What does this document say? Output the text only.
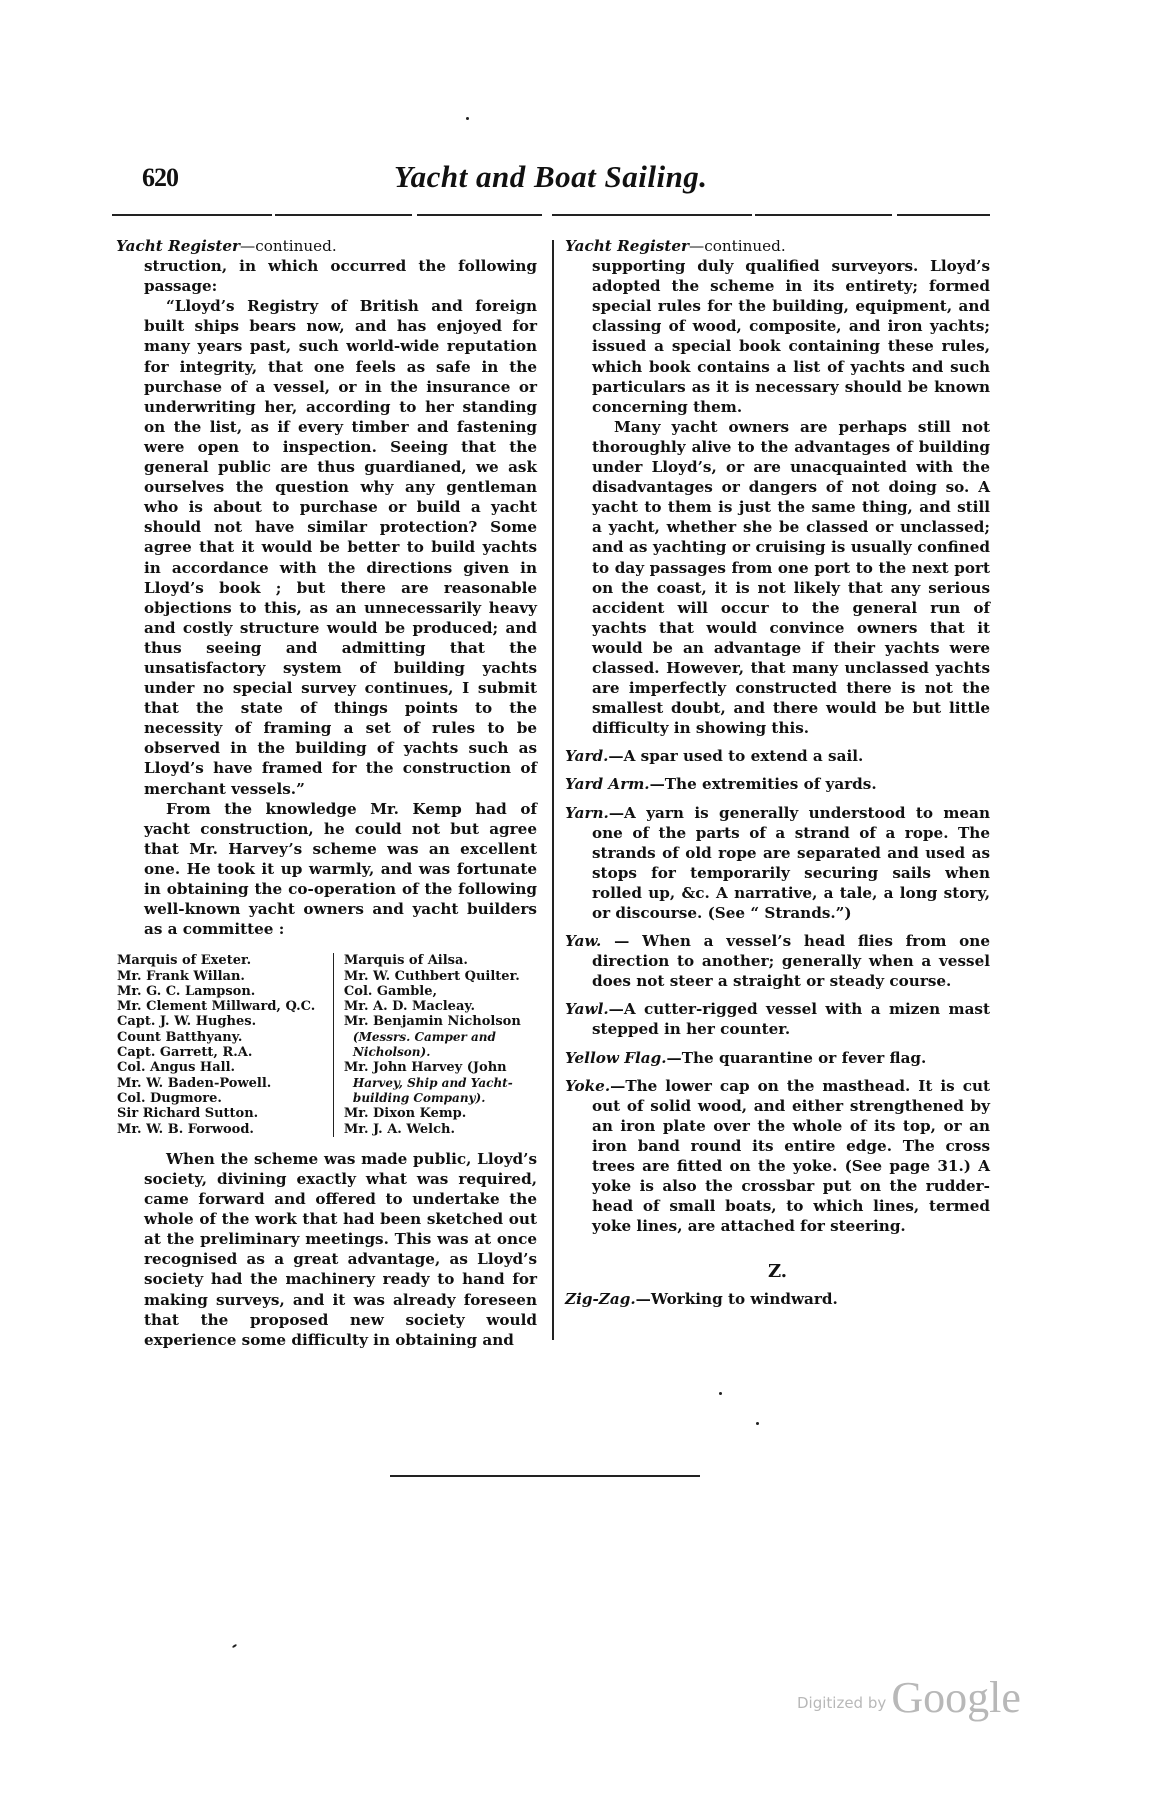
620	Yacht and Boat Sailing.

Yacht Register—continued.

struction, in which occurred the following passage:

“Lloyd’s Registry of British and foreign built ships bears now, and has enjoyed for many years past, such world-wide reputation for integrity, that one feels as safe in the purchase of a vessel, or in the insurance or underwriting her, according to her standing on the list, as if every timber and fastening were open to inspection. Seeing that the general public are thus guardianed, we ask ourselves the question why any gentleman who is about to purchase or build a yacht should not have similar protection? Some agree that it would be better to build yachts in accordance with the directions given in Lloyd’s book ; but there are reasonable objections to this, as an unnecessarily heavy and costly structure would be produced; and thus seeing and admitting that the unsatisfactory system of building yachts under no special survey continues, I submit that the state of things points to the necessity of framing a set of rules to be observed in the building of yachts such as Lloyd’s have framed for the construction of merchant vessels.”

From the knowledge Mr. Kemp had of yacht construction, he could not but agree that Mr. Harvey’s scheme was an excellent one. He took it up warmly, and was fortunate in obtaining the co-operation of the following well-known yacht owners and yacht builders as a committee :

Marquis of Exeter.
Mr. Frank Willan.
Mr. G. C. Lampson.
Mr. Clement Millward, Q.C.
Capt. J. W. Hughes.
Count Batthyany.
Capt. Garrett, R.A.
Col. Angus Hall.
Mr. W. Baden-Powell.
Col. Dugmore.
Sir Richard Sutton.
Mr. W. B. Forwood.
Marquis of Ailsa.
Mr. W. Cuthbert Quilter.
Col. Gamble,
Mr. A. D. Macleay.
Mr. Benjamin Nicholson
(Messrs. Camper and Nicholson).
Mr. John Harvey (John
Harvey, Ship and Yacht-building Company).
Mr. Dixon Kemp.
Mr. J. A. Welch.

When the scheme was made public, Lloyd’s society, divining exactly what was required, came forward and offered to undertake the whole of the work that had been sketched out at the preliminary meetings. This was at once recognised as a great advantage, as Lloyd’s society had the machinery ready to hand for making surveys, and it was already foreseen that the proposed new society would experience some difficulty in obtaining and

Yacht Register—continued.

supporting duly qualified surveyors. Lloyd’s adopted the scheme in its entirety; formed special rules for the building, equipment, and classing of wood, composite, and iron yachts; issued a special book containing these rules, which book contains a list of yachts and such particulars as it is necessary should be known concerning them.

Many yacht owners are perhaps still not thoroughly alive to the advantages of building under Lloyd’s, or are unacquainted with the disadvantages or dangers of not doing so. A yacht to them is just the same thing, and still a yacht, whether she be classed or unclassed; and as yachting or cruising is usually confined to day passages from one port to the next port on the coast, it is not likely that any serious accident will occur to the general run of yachts that would convince owners that it would be an advantage if their yachts were classed. However, that many unclassed yachts are imperfectly constructed there is not the smallest doubt, and there would be but little difficulty in showing this.

Yard.—A spar used to extend a sail.

Yard Arm.—The extremities of yards.

Yarn.—A yarn is generally understood to mean one of the parts of a strand of a rope. The strands of old rope are separated and used as stops for temporarily securing sails when rolled up, &c. A narrative, a tale, a long story, or discourse. (See “ Strands.”)

Yaw. — When a vessel’s head flies from one direction to another; generally when a vessel does not steer a straight or steady course.

Yawl.—A cutter-rigged vessel with a mizen mast stepped in her counter.

Yellow Flag.—The quarantine or fever flag.

Yoke.—The lower cap on the masthead. It is cut out of solid wood, and either strengthened by an iron plate over the whole of its top, or an iron band round its entire edge. The cross trees are fitted on the yoke. (See page 31.) A yoke is also the crossbar put on the rudder-head of small boats, to which lines, termed yoke lines, are attached for steering.

Z.

Zig-Zag.—Working to windward.

Digitized by Google
